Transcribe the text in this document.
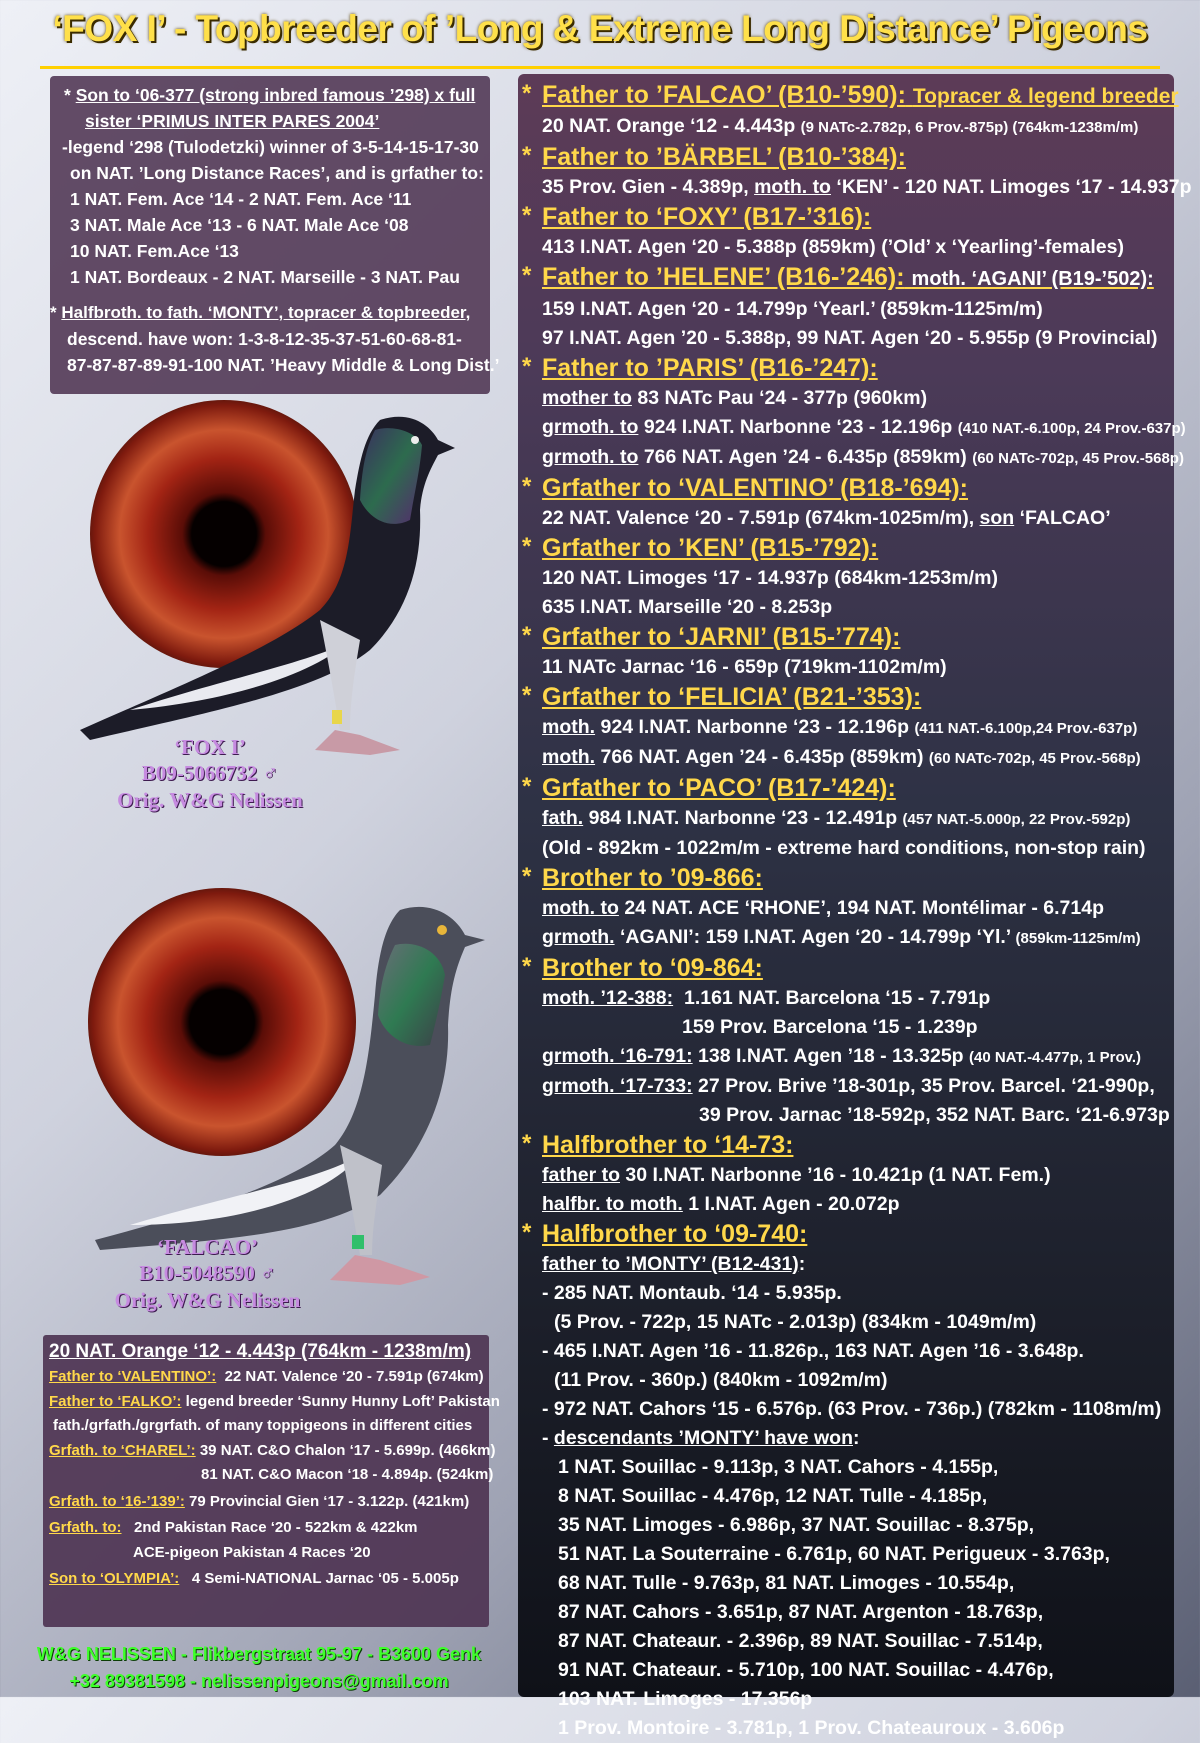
‘FOX I’ - Topbreeder of ’Long & Extreme Long Distance’ Pigeons
* Son to ‘06-377 (strong inbred famous ’298) x full
sister ‘PRIMUS INTER PARES 2004’
-legend ‘298 (Tulodetzki) winner of 3-5-14-15-17-30
on NAT. ’Long Distance Races’, and is grfather to:
1 NAT. Fem. Ace ‘14 - 2 NAT. Fem. Ace ‘11
3 NAT. Male Ace ‘13 - 6 NAT. Male Ace ‘08
10 NAT. Fem.Ace ‘13
1 NAT. Bordeaux - 2 NAT. Marseille - 3 NAT. Pau
* Halfbroth. to fath. ‘MONTY’, topracer & topbreeder,
descend. have won: 1-3-8-12-35-37-51-60-68-81-
87-87-87-89-91-100 NAT. ’Heavy Middle & Long Dist.’
‘FOX I’
B09-5066732 ♂
Orig. W&G Nelissen
‘FALCAO’
B10-5048590 ♂
Orig. W&G Nelissen
20 NAT. Orange ‘12 - 4.443p (764km - 1238m/m)
Father to ‘VALENTINO’: 22 NAT. Valence ‘20 - 7.591p (674km)
Father to ‘FALKO’: legend breeder ‘Sunny Hunny Loft’ Pakistan
fath./grfath./grgrfath. of many toppigeons in different cities
Grfath. to ‘CHAREL’: 39 NAT. C&O Chalon ‘17 - 5.699p. (466km)
81 NAT. C&O Macon ‘18 - 4.894p. (524km)
Grfath. to ‘16-’139’: 79 Provincial Gien ‘17 - 3.122p. (421km)
Grfath. to: 2nd Pakistan Race ‘20 - 522km & 422km
ACE-pigeon Pakistan 4 Races ‘20
Son to ‘OLYMPIA’: 4 Semi-NATIONAL Jarnac ‘05 - 5.005p
W&G NELISSEN - Flikbergstraat 95-97 - B3600 Genk
+32 89381598 - nelissenpigeons@gmail.com
* Father to ’FALCAO’ (B10-’590): Topracer & legend breeder
20 NAT. Orange ‘12 - 4.443p (9 NATc-2.782p, 6 Prov.-875p) (764km-1238m/m)
* Father to ’BÄRBEL’ (B10-’384):
35 Prov. Gien - 4.389p, moth. to ‘KEN’ - 120 NAT. Limoges ‘17 - 14.937p
* Father to ‘FOXY’ (B17-’316):
413 I.NAT. Agen ‘20 - 5.388p (859km) (’Old’ x ‘Yearling’-females)
* Father to ’HELENE’ (B16-’246): moth. ‘AGANI’ (B19-’502):
159 I.NAT. Agen ‘20 - 14.799p ‘Yearl.’ (859km-1125m/m)
97 I.NAT. Agen ’20 - 5.388p, 99 NAT. Agen ‘20 - 5.955p (9 Provincial)
* Father to ’PARIS’ (B16-’247):
mother to 83 NATc Pau ‘24 - 377p (960km)
grmoth. to 924 I.NAT. Narbonne ‘23 - 12.196p (410 NAT.-6.100p, 24 Prov.-637p)
grmoth. to 766 NAT. Agen ’24 - 6.435p (859km) (60 NATc-702p, 45 Prov.-568p)
* Grfather to ‘VALENTINO’ (B18-’694):
22 NAT. Valence ‘20 - 7.591p (674km-1025m/m), son ‘FALCAO’
* Grfather to ’KEN’ (B15-’792):
120 NAT. Limoges ‘17 - 14.937p (684km-1253m/m)
635 I.NAT. Marseille ‘20 - 8.253p
* Grfather to ‘JARNI’ (B15-’774):
11 NATc Jarnac ‘16 - 659p (719km-1102m/m)
* Grfather to ‘FELICIA’ (B21-’353):
moth. 924 I.NAT. Narbonne ‘23 - 12.196p (411 NAT.-6.100p,24 Prov.-637p)
moth. 766 NAT. Agen ’24 - 6.435p (859km) (60 NATc-702p, 45 Prov.-568p)
* Grfather to ‘PACO’ (B17-’424):
fath. 984 I.NAT. Narbonne ‘23 - 12.491p (457 NAT.-5.000p, 22 Prov.-592p)
(Old - 892km - 1022m/m - extreme hard conditions, non-stop rain)
* Brother to ’09-866:
moth. to 24 NAT. ACE ‘RHONE’, 194 NAT. Montélimar - 6.714p
grmoth. ‘AGANI’: 159 I.NAT. Agen ‘20 - 14.799p ‘Yl.’ (859km-1125m/m)
* Brother to ‘09-864:
moth. ’12-388: 1.161 NAT. Barcelona ‘15 - 7.791p
159 Prov. Barcelona ‘15 - 1.239p
grmoth. ‘16-791: 138 I.NAT. Agen ’18 - 13.325p (40 NAT.-4.477p, 1 Prov.)
grmoth. ‘17-733: 27 Prov. Brive ’18-301p, 35 Prov. Barcel. ‘21-990p,
39 Prov. Jarnac ’18-592p, 352 NAT. Barc. ‘21-6.973p
* Halfbrother to ‘14-73:
father to 30 I.NAT. Narbonne ’16 - 10.421p (1 NAT. Fem.)
halfbr. to moth. 1 I.NAT. Agen - 20.072p
* Halfbrother to ‘09-740:
father to ’MONTY’ (B12-431):
- 285 NAT. Montaub. ‘14 - 5.935p.
(5 Prov. - 722p, 15 NATc - 2.013p) (834km - 1049m/m)
- 465 I.NAT. Agen ’16 - 11.826p., 163 NAT. Agen ’16 - 3.648p.
(11 Prov. - 360p.) (840km - 1092m/m)
- 972 NAT. Cahors ‘15 - 6.576p. (63 Prov. - 736p.) (782km - 1108m/m)
- descendants ’MONTY’ have won:
1 NAT. Souillac - 9.113p, 3 NAT. Cahors - 4.155p,
8 NAT. Souillac - 4.476p, 12 NAT. Tulle - 4.185p,
35 NAT. Limoges - 6.986p, 37 NAT. Souillac - 8.375p,
51 NAT. La Souterraine - 6.761p, 60 NAT. Perigueux - 3.763p,
68 NAT. Tulle - 9.763p, 81 NAT. Limoges - 10.554p,
87 NAT. Cahors - 3.651p, 87 NAT. Argenton - 18.763p,
87 NAT. Chateaur. - 2.396p, 89 NAT. Souillac - 7.514p,
91 NAT. Chateaur. - 5.710p, 100 NAT. Souillac - 4.476p,
103 NAT. Limoges - 17.356p
1 Prov. Montoire - 3.781p, 1 Prov. Chateauroux - 3.606p
